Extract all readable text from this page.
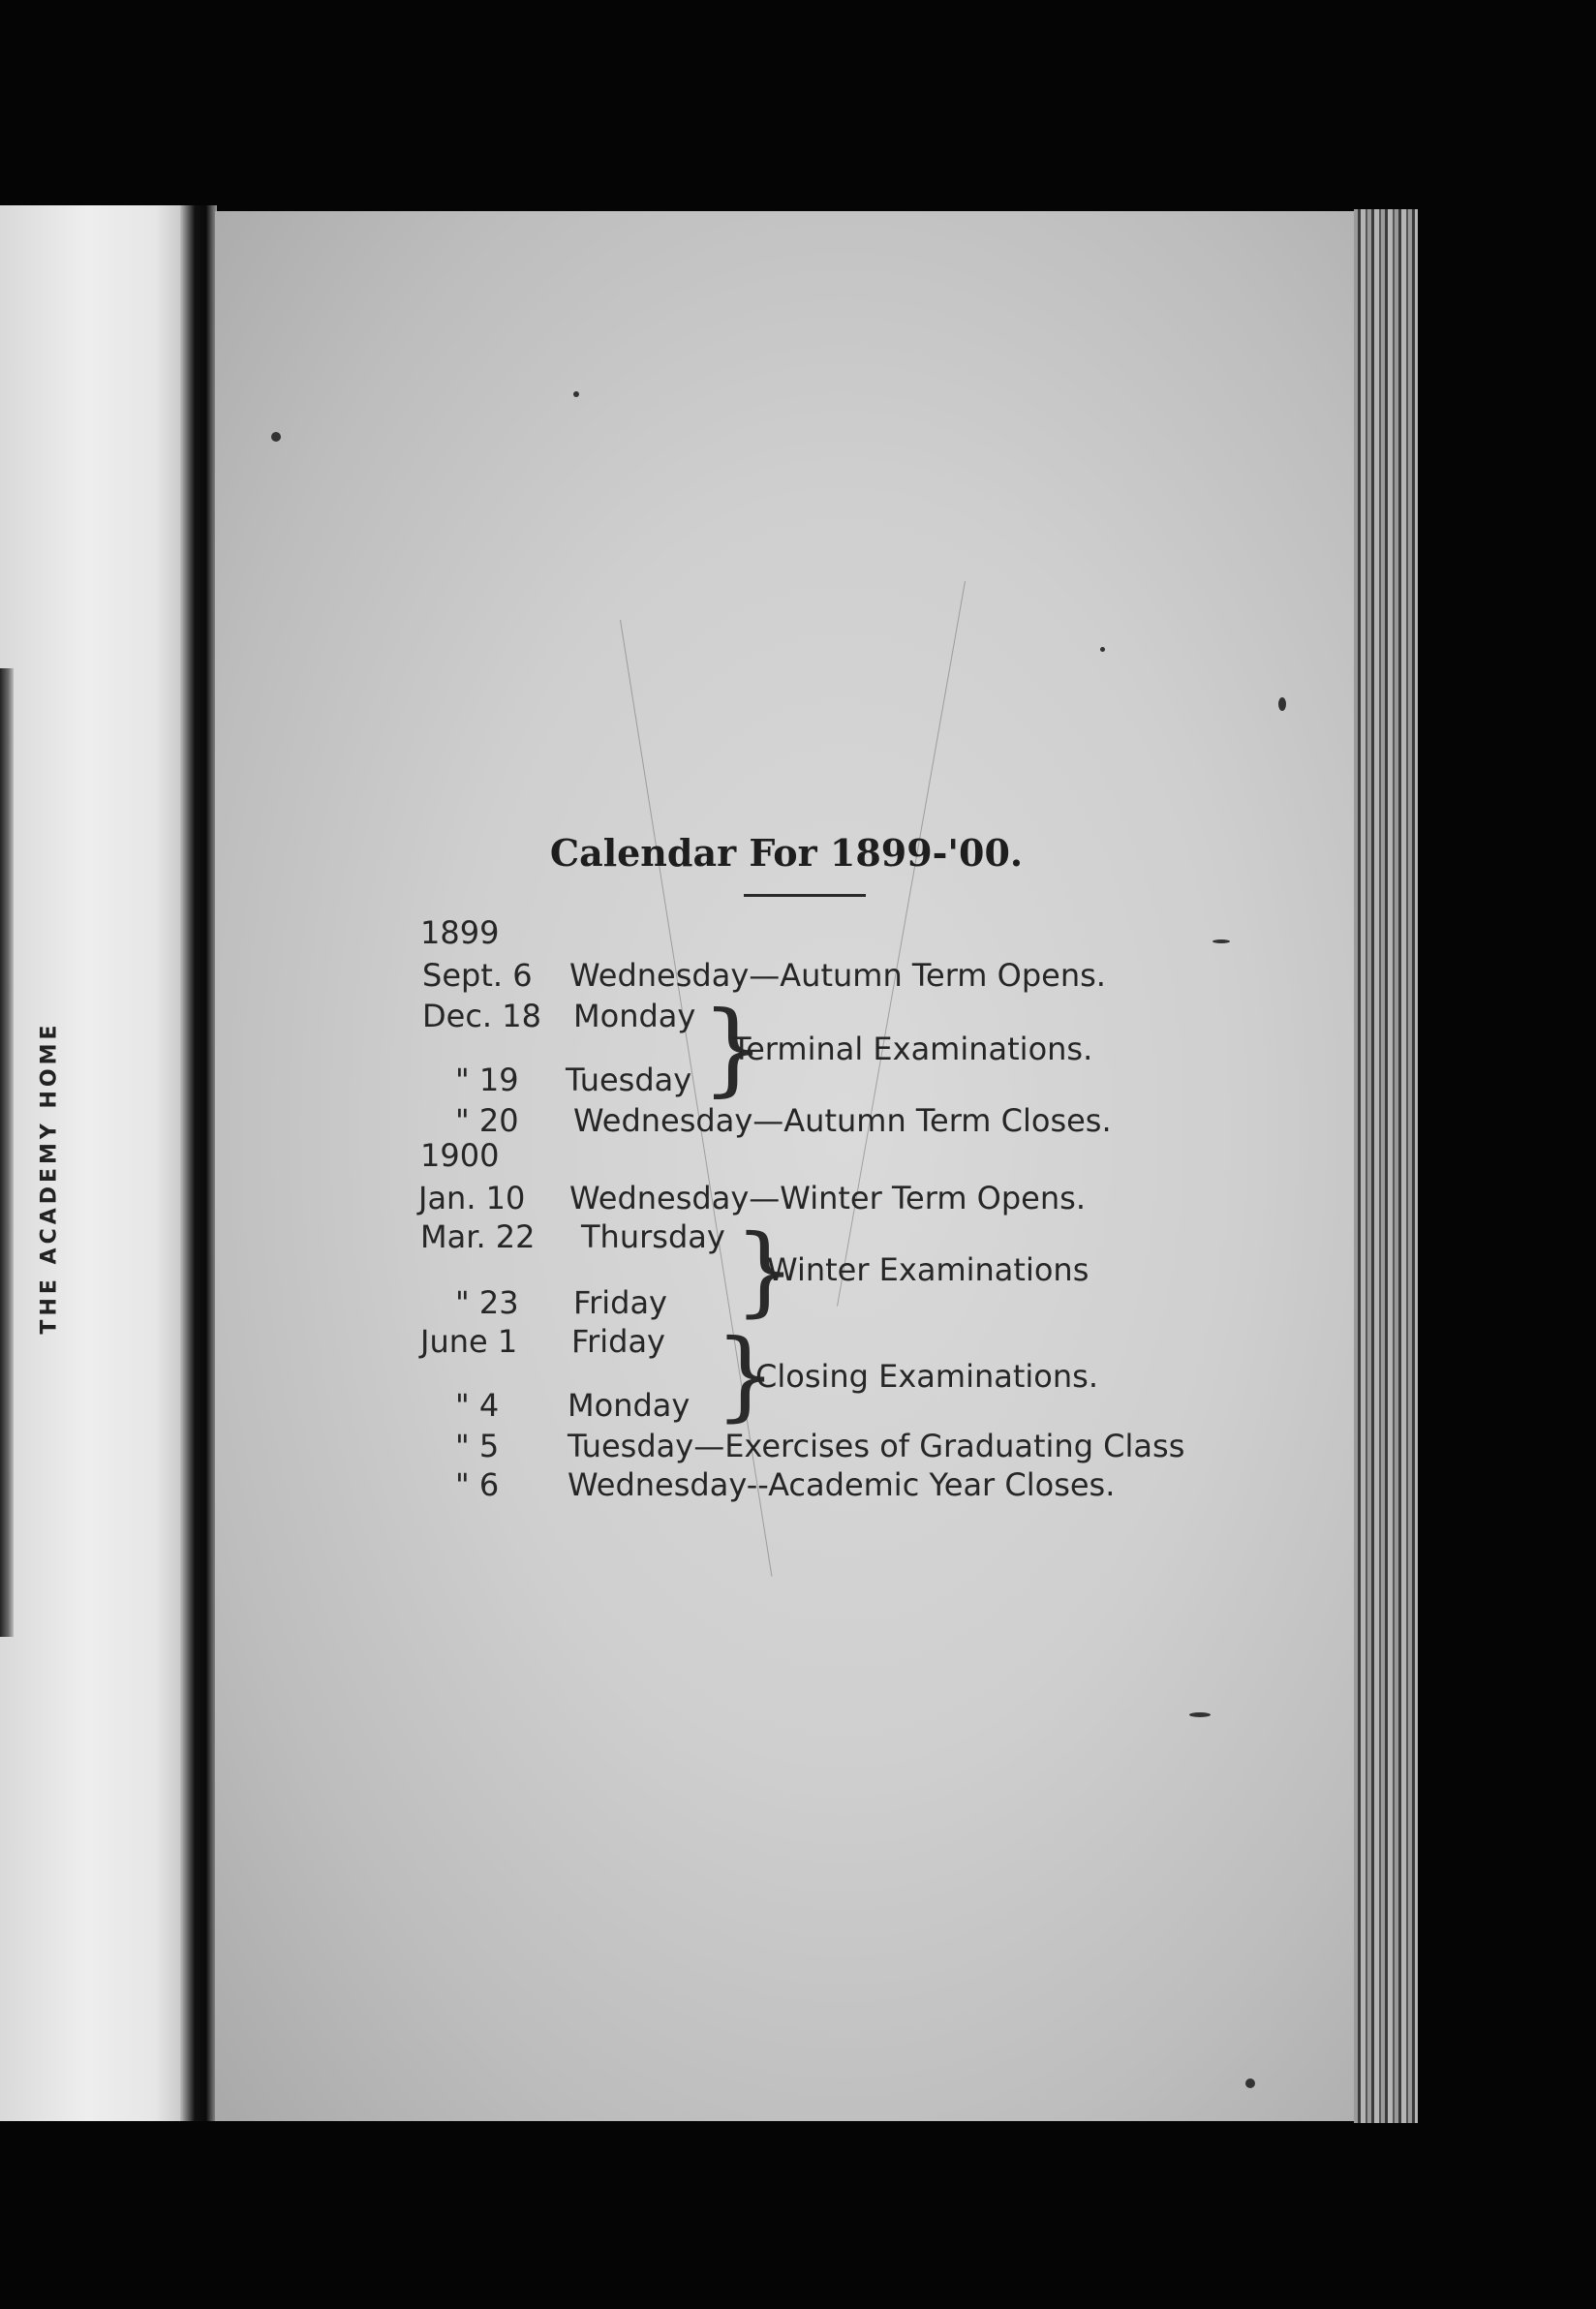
THE ACADEMY HOME
Calendar For 1899-'00.
1899
Sept. 6 Wednesday—Autumn Term Opens.
Dec. 18 Monday
" 19 Tuesday }
Terminal Examinations.
" 20 Wednesday—Autumn Term Closes.
1900
Jan. 10 Wednesday—Winter Term Opens.
Mar. 22 Thursday
" 23 Friday }
Winter Examinations
June 1 Friday
" 4 Monday }
Closing Examinations.
" 5 Tuesday—Exercises of Graduating Class
" 6 Wednesday--Academic Year Closes.
